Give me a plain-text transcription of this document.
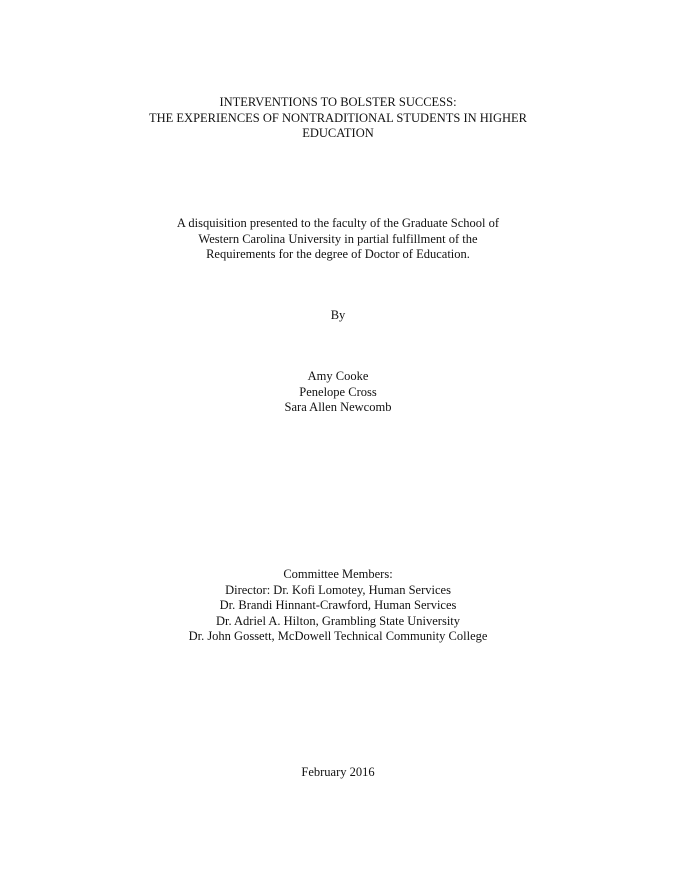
INTERVENTIONS TO BOLSTER SUCCESS:
THE EXPERIENCES OF NONTRADITIONAL STUDENTS IN HIGHER
EDUCATION
A disquisition presented to the faculty of the Graduate School of
Western Carolina University in partial fulfillment of the
Requirements for the degree of Doctor of Education.
By
Amy Cooke
Penelope Cross
Sara Allen Newcomb
Committee Members:
Director: Dr. Kofi Lomotey, Human Services
Dr. Brandi Hinnant-Crawford, Human Services
Dr. Adriel A. Hilton, Grambling State University
Dr. John Gossett, McDowell Technical Community College
February 2016
